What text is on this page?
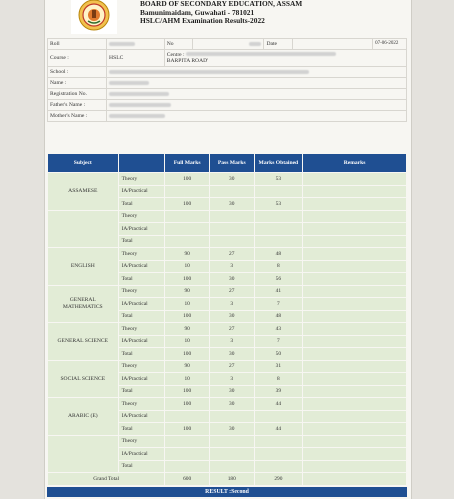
BOARD OF SECONDARY EDUCATION, ASSAM
Bamunimaidam, Guwahati - 781021
HSLC/AHM Examination Results-2022
Roll		No		Date		07-06-2022
Course :	HSLC	Centre :
BARPITA ROAD'				

School :						
Name :						
Registration No.						
Father's Name :						
Mother's Name :						
Subject		Full Marks	Pass Marks	Marks Obtained	Remarks
ASSAMESE	Theory	100	30	53	
	IA/Practical				
	Total	100	30	53	
	Theory				
	IA/Practical				
	Total				
ENGLISH	Theory	90	27	48	
	IA/Practical	10	3	8	
	Total	100	30	56	
GENERAL MATHEMATICS	Theory	90	27	41	
	IA/Practical	10	3	7	
	Total	100	30	48	
GENERAL SCIENCE	Theory	90	27	43	
	IA/Practical	10	3	7	
	Total	100	30	50	
SOCIAL SCIENCE	Theory	90	27	31	
	IA/Practical	10	3	8	
	Total	100	30	39	
ARABIC (E)	Theory	100	30	44	
	IA/Practical				
	Total	100	30	44	
	Theory				
	IA/Practical				
	Total				
Grand Total		600	180	290	
RESULT :Second
